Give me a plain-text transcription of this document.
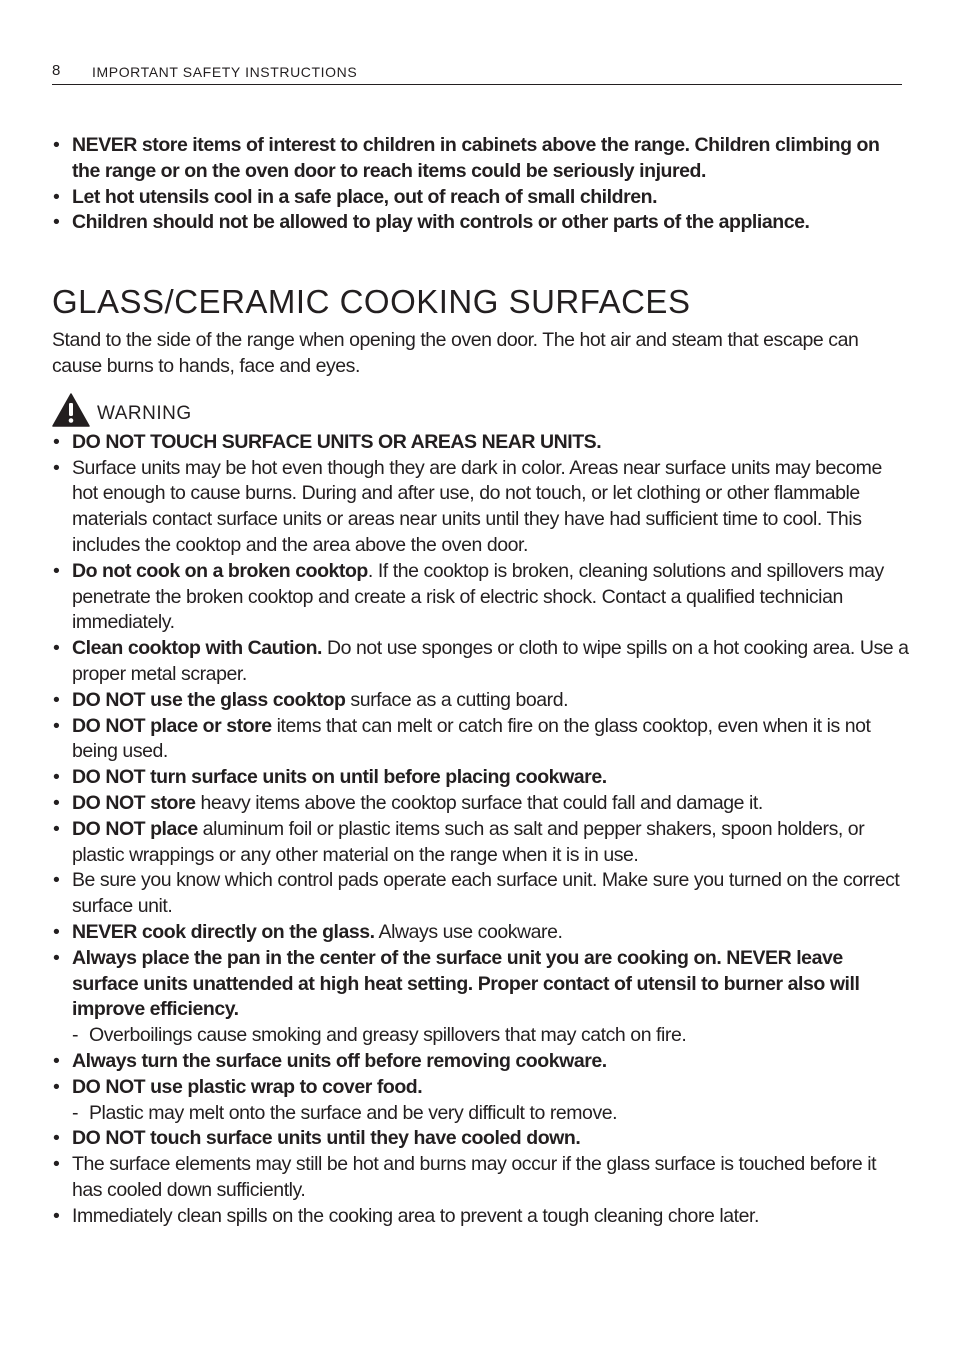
8 IMPORTANT SAFETY INSTRUCTIONS
• NEVER store items of interest to children in cabinets above the range. Children climbing on the range or on the oven door to reach items could be seriously injured.
• Let hot utensils cool in a safe place, out of reach of small children.
• Children should not be allowed to play with controls or other parts of the appliance.
GLASS/CERAMIC COOKING SURFACES

Stand to the side of the range when opening the oven door. The hot air and steam that escape can cause burns to hands, face and eyes.

WARNING
• DO NOT TOUCH SURFACE UNITS OR AREAS NEAR UNITS.
• Surface units may be hot even though they are dark in color. Areas near surface units may become hot enough to cause burns. During and after use, do not touch, or let clothing or other flammable materials contact surface units or areas near units until they have had sufficient time to cool. This includes the cooktop and the area above the oven door.
• Do not cook on a broken cooktop. If the cooktop is broken, cleaning solutions and spillovers may penetrate the broken cooktop and create a risk of electric shock. Contact a qualified technician immediately.
• Clean cooktop with Caution. Do not use sponges or cloth to wipe spills on a hot cooking area. Use a proper metal scraper.
• DO NOT use the glass cooktop surface as a cutting board.
• DO NOT place or store items that can melt or catch fire on the glass cooktop, even when it is not being used.
• DO NOT turn surface units on until before placing cookware.
• DO NOT store heavy items above the cooktop surface that could fall and damage it.
• DO NOT place aluminum foil or plastic items such as salt and pepper shakers, spoon holders, or plastic wrappings or any other material on the range when it is in use.
• Be sure you know which control pads operate each surface unit. Make sure you turned on the correct surface unit.
• NEVER cook directly on the glass. Always use cookware.
• Always place the pan in the center of the surface unit you are cooking on. NEVER leave surface units unattended at high heat setting. Proper contact of utensil to burner also will improve efficiency.
- Overboilings cause smoking and greasy spillovers that may catch on fire.
• Always turn the surface units off before removing cookware.
• DO NOT use plastic wrap to cover food.
- Plastic may melt onto the surface and be very difficult to remove.
• DO NOT touch surface units until they have cooled down.
• The surface elements may still be hot and burns may occur if the glass surface is touched before it has cooled down sufficiently.
• Immediately clean spills on the cooking area to prevent a tough cleaning chore later.
